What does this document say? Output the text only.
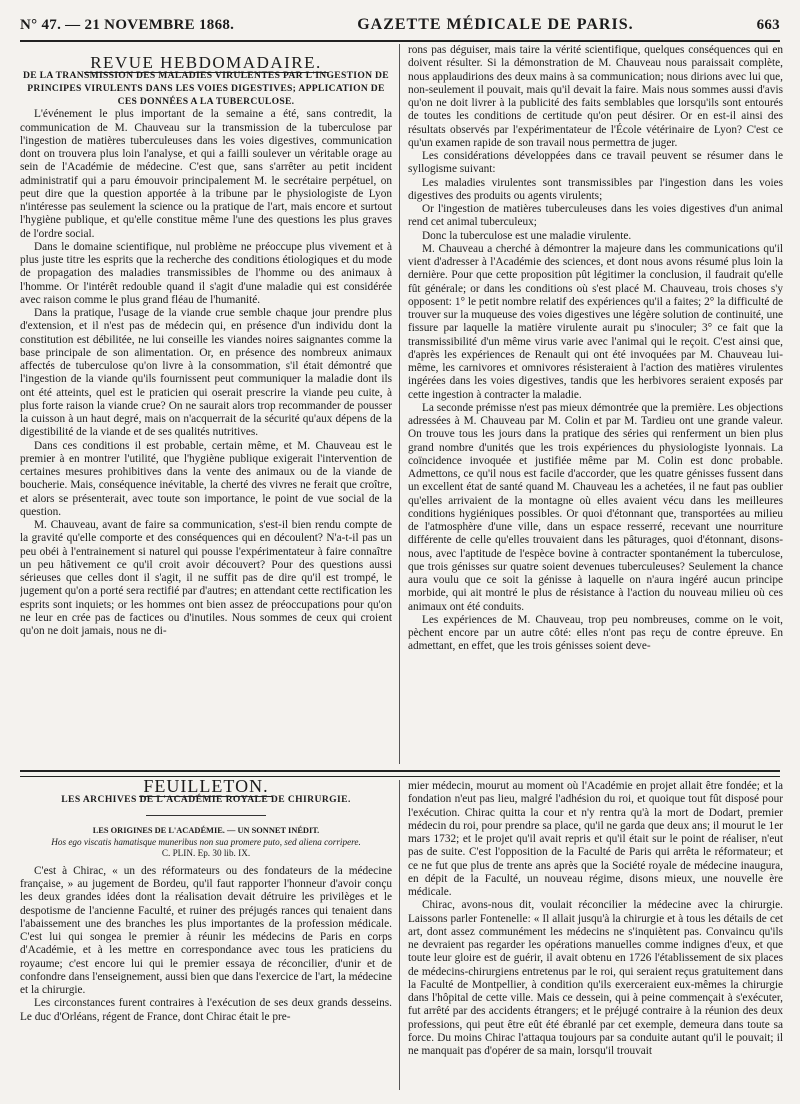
N° 47. — 21 NOVEMBRE 1868.	GAZETTE MÉDICALE DE PARIS.	663

REVUE HEBDOMADAIRE.

DE LA TRANSMISSION DES MALADIES VIRULENTES PAR L'INGESTION DE PRINCIPES VIRULENTS DANS LES VOIES DIGESTIVES; APPLICATION DE CES DONNÉES A LA TUBERCULOSE.

L'événement le plus important de la semaine a été, sans contredit, la communication de M. Chauveau sur la transmission de la tuberculose par l'ingestion de matières tuberculeuses dans les voies digestives, communication dont on trouvera plus loin l'analyse, et qui a failli soulever un véritable orage au sein de l'Académie de médecine. C'est que, sans s'arrêter au petit incident administratif qui a paru émouvoir principalement M. le secrétaire perpétuel, on peut dire que la question apportée à la tribune par le physiologiste de Lyon n'intéresse pas seulement la science ou la pratique de l'art, mais encore et surtout l'hygiène publique, et qu'elle constitue même l'une des questions les plus graves de l'ordre social.

Dans le domaine scientifique, nul problème ne préoccupe plus vivement et à plus juste titre les esprits que la recherche des conditions étiologiques et du mode de propagation des maladies transmissibles de l'homme ou des animaux à l'homme. Or l'intérêt redouble quand il s'agit d'une maladie qui est considérée avec raison comme le plus grand fléau de l'humanité.

Dans la pratique, l'usage de la viande crue semble chaque jour prendre plus d'extension, et il n'est pas de médecin qui, en présence d'un individu dont la constitution est débilitée, ne lui conseille les viandes noires saignantes comme la base principale de son alimentation. Or, en présence des nombreux animaux affectés de tuberculose qu'on livre à la consommation, s'il était démontré que l'ingestion de la viande qu'ils fournissent peut communiquer la maladie dont ils ont été atteints, quel est le praticien qui oserait prescrire la viande peu cuite, à plus forte raison la viande crue? On ne saurait alors trop recommander de pousser la cuisson à un haut degré, mais on n'acquerrait de la sécurité qu'aux dépens de la digestibilité de la viande et de ses qualités nutritives.

Dans ces conditions il est probable, certain même, et M. Chauveau est le premier à en montrer l'utilité, que l'hygiène publique exigerait l'intervention de certaines mesures prohibitives dans la vente des animaux ou de la viande de boucherie. Mais, conséquence inévitable, la cherté des vivres ne ferait que croître, et alors se présenterait, avec toute son importance, le point de vue social de la question.

M. Chauveau, avant de faire sa communication, s'est-il bien rendu compte de la gravité qu'elle comporte et des conséquences qui en découlent? N'a-t-il pas un peu obéi à l'entrainement si naturel qui pousse l'expérimentateur à faire connaître un peu hâtivement ce qu'il croit avoir découvert? Pour des questions aussi sérieuses que celles dont il s'agit, il ne suffit pas de dire qu'il est trompé, le jugement qu'on a porté sera rectifié par d'autres; en attendant cette rectification les esprits sont inquiets; or les hommes ont bien assez de préoccupations pour qu'on ne leur en crée pas de factices ou d'inutiles. Nous sommes de ceux qui croient qu'on ne doit jamais, nous ne di-

rons pas déguiser, mais taire la vérité scientifique, quelques conséquences qui en doivent résulter. Si la démonstration de M. Chauveau nous paraissait complète, nous applaudirions des deux mains à sa communication; nous dirions avec lui que, non-seulement il pouvait, mais qu'il devait la faire. Mais nous sommes aussi d'avis qu'on ne doit livrer à la publicité des faits semblables que lorsqu'ils sont entourés de toutes les conditions de certitude qu'on peut désirer. Or en est-il ainsi des résultats observés par l'expérimentateur de l'École vétérinaire de Lyon? C'est ce qu'un examen rapide de son travail nous permettra de juger.

Les considérations développées dans ce travail peuvent se résumer dans le syllogisme suivant:

Les maladies virulentes sont transmissibles par l'ingestion dans les voies digestives des produits ou agents virulents;

Or l'ingestion de matières tuberculeuses dans les voies digestives d'un animal rend cet animal tuberculeux;

Donc la tuberculose est une maladie virulente.

M. Chauveau a cherché à démontrer la majeure dans les communications qu'il vient d'adresser à l'Académie des sciences, et dont nous avons résumé plus loin la dernière. Pour que cette proposition pût légitimer la conclusion, il faudrait qu'elle fût générale; or dans les conditions où s'est placé M. Chauveau, trois choses s'y opposent: 1° le petit nombre relatif des expériences qu'il a faites; 2° la difficulté de trouver sur la muqueuse des voies digestives une légère solution de continuité, une fissure par laquelle la matière virulente aurait pu s'inoculer; 3° ce fait que la transmissibilité d'un même virus varie avec l'animal qui le reçoit. C'est ainsi que, d'après les expériences de Renault qui ont été invoquées par M. Chauveau lui-même, les carnivores et omnivores résisteraient à l'action des matières virulentes ingérées dans les voies digestives, tandis que les herbivores seraient exposés par cette ingestion à contracter la maladie.

La seconde prémisse n'est pas mieux démontrée que la première. Les objections adressées à M. Chauveau par M. Colin et par M. Tardieu ont une grande valeur. On trouve tous les jours dans la pratique des séries qui renferment un bien plus grand nombre d'unités que les trois expériences du physiologiste lyonnais. La coïncidence invoquée et justifiée même par M. Colin est donc probable. Admettons, ce qu'il nous est facile d'accorder, que les quatre génisses fussent dans un excellent état de santé quand M. Chauveau les a achetées, il ne faut pas oublier qu'elles arrivaient de la montagne où elles avaient vécu dans les meilleures conditions hygiéniques possibles. Or quoi d'étonnant que, transportées au milieu de l'atmosphère d'une ville, dans un espace resserré, recevant une nourriture différente de celle qu'elles trouvaient dans les pâturages, quoi d'étonnant, disons-nous, avec l'aptitude de l'espèce bovine à contracter spontanément la tuberculose, que trois génisses sur quatre soient devenues tuberculeuses? Seulement la chance aura voulu que ce soit la génisse à laquelle on n'aura ingéré aucun principe morbide, qui ait montré le plus de résistance à l'action du nouveau milieu où ces animaux ont été conduits.

Les expériences de M. Chauveau, trop peu nombreuses, comme on le voit, pèchent encore par un autre côté: elles n'ont pas reçu de contre épreuve. En admettant, en effet, que les trois génisses soient deve-

FEUILLETON.

LES ARCHIVES DE L'ACADÉMIE ROYALE DE CHIRURGIE.

LES ORIGINES DE L'ACADÉMIE. — UN SONNET INÉDIT.

Hos ego viscatis hamatisque muneribus non sua promere puto, sed aliena corripere.

C. PLIN. Ep. 30 lib. IX.

C'est à Chirac, « un des réformateurs ou des fondateurs de la médecine française, » au jugement de Bordeu, qu'il faut rapporter l'honneur d'avoir conçu les deux grandes idées dont la réalisation devait détruire les privilèges et le despotisme de l'ancienne Faculté, et ruiner des préjugés rances qui tenaient dans l'abaissement une des branches les plus importantes de la profession médicale. C'est lui qui songea le premier à réunir les médecins de Paris en corps d'Académie, et à les mettre en correspondance avec tous les praticiens du royaume; c'est encore lui qui le premier essaya de réconcilier, d'unir et de confondre dans l'enseignement, aussi bien que dans l'exercice de l'art, la médecine et la chirurgie.

Les circonstances furent contraires à l'exécution de ses deux grands desseins. Le duc d'Orléans, régent de France, dont Chirac était le pre-

mier médecin, mourut au moment où l'Académie en projet allait être fondée; et la fondation n'eut pas lieu, malgré l'adhésion du roi, et quoique tout fût disposé pour l'exécution. Chirac quitta la cour et n'y rentra qu'à la mort de Dodart, premier médecin du roi, pour prendre sa place, qu'il ne garda que deux ans; il mourut le 1er mars 1732; et le projet qu'il avait repris et qu'il était sur le point de réaliser, n'eut pas de suite. C'est l'opposition de la Faculté de Paris qui arrêta le réformateur; et ce ne fut que plus de trente ans après que la Société royale de médecine inaugura, en dépit de la Faculté, un nouveau régime, disons mieux, une nouvelle ère médicale.

Chirac, avons-nous dit, voulait réconcilier la médecine avec la chirurgie. Laissons parler Fontenelle: « Il allait jusqu'à la chirurgie et à tous les détails de cet art, dont assez communément les médecins ne s'inquiètent pas. Convaincu qu'ils ne devraient pas regarder les opérations manuelles comme indignes d'eux, et que toute leur gloire est de guérir, il avait obtenu en 1726 l'établissement de six places de médecins-chirurgiens entretenus par le roi, qui seraient reçus gratuitement dans la Faculté de Montpellier, à condition qu'ils exerceraient eux-mêmes la chirurgie dans l'hôpital de cette ville. Mais ce dessein, qui à peine commençait à s'exécuter, fut arrêté par des accidents étrangers; et le préjugé contraire à la réunion des deux professions, qui peut être eût été ébranlé par cet exemple, demeura dans toute sa force. Du moins Chirac l'attaqua toujours par sa conduite autant qu'il le pouvait; il ne manquait pas d'opérer de sa main, lorsqu'il trouvait
